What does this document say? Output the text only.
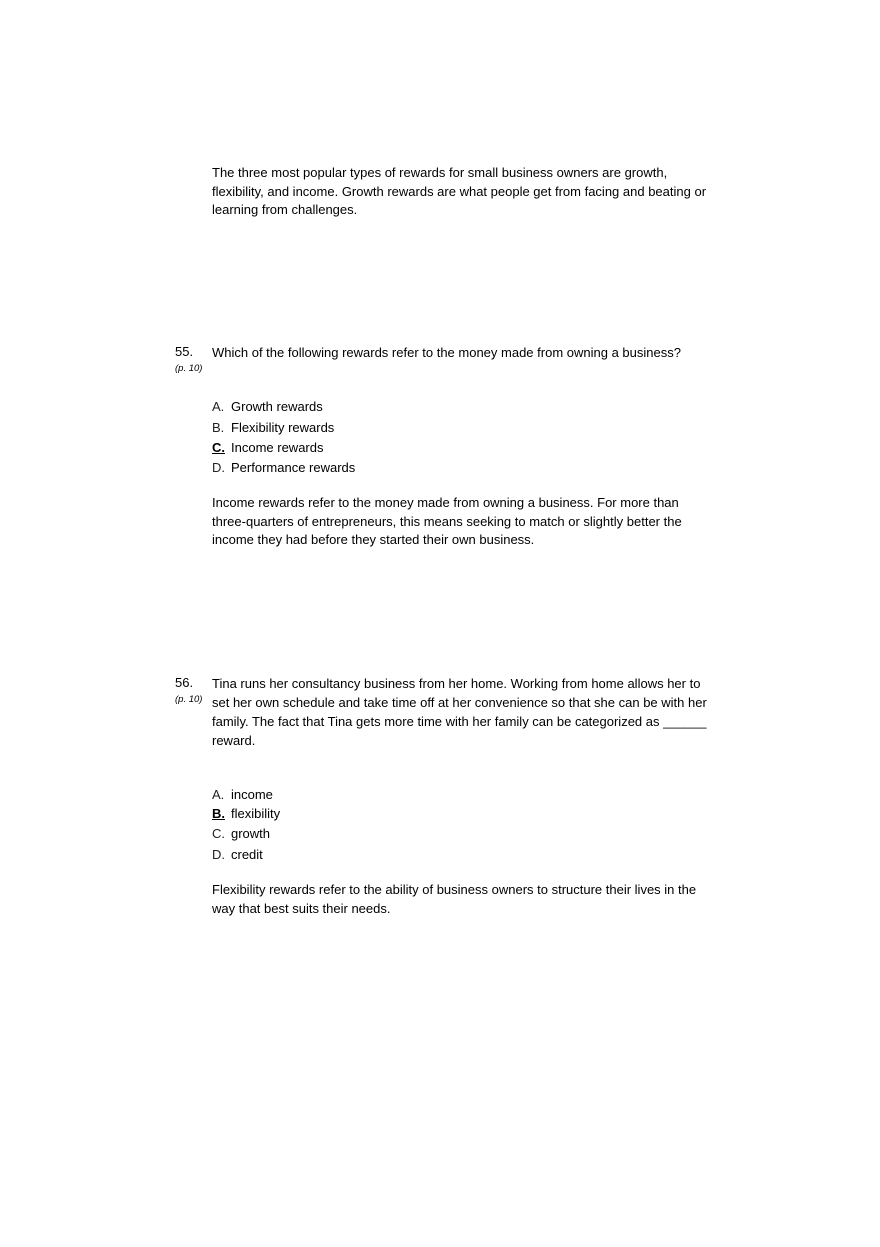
The three most popular types of rewards for small business owners are growth, flexibility, and income. Growth rewards are what people get from facing and beating or learning from challenges.
55.
(p. 10)
Which of the following rewards refer to the money made from owning a business?
A. Growth rewards
B. Flexibility rewards
C. Income rewards
D. Performance rewards
Income rewards refer to the money made from owning a business. For more than three-quarters of entrepreneurs, this means seeking to match or slightly better the income they had before they started their own business.
56.
(p. 10)
Tina runs her consultancy business from her home. Working from home allows her to set her own schedule and take time off at her convenience so that she can be with her family. The fact that Tina gets more time with her family can be categorized as ______ reward.
A. income
B. flexibility
C. growth
D. credit
Flexibility rewards refer to the ability of business owners to structure their lives in the way that best suits their needs.
